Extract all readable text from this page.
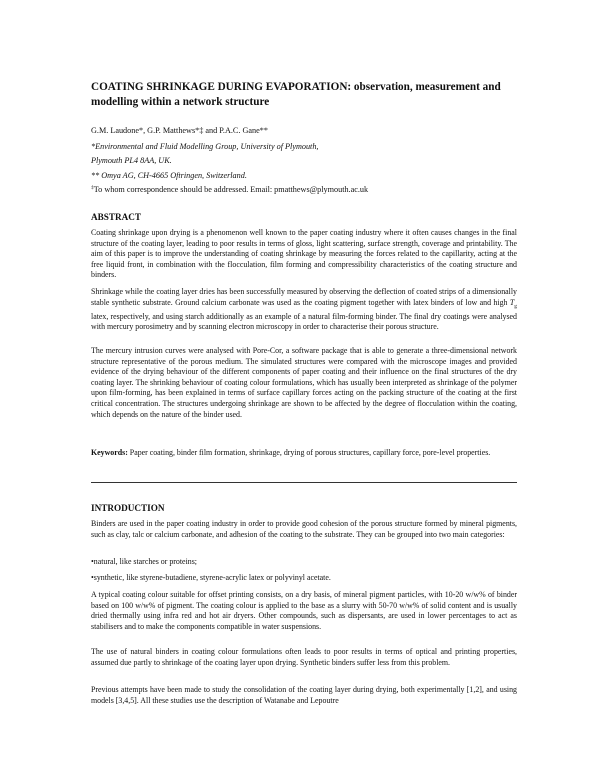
COATING SHRINKAGE DURING EVAPORATION: observation, measurement and modelling within a network structure
G.M. Laudone*, G.P. Matthews*‡ and P.A.C. Gane**
*Environmental and Fluid Modelling Group, University of Plymouth,
Plymouth PL4 8AA, UK.
** Omya AG, CH-4665 Oftringen, Switzerland.
‡To whom correspondence should be addressed. Email: pmatthews@plymouth.ac.uk
ABSTRACT

Coating shrinkage upon drying is a phenomenon well known to the paper coating industry where it often causes changes in the final structure of the coating layer, leading to poor results in terms of gloss, light scattering, surface strength, coverage and printability. The aim of this paper is to improve the understanding of coating shrinkage by measuring the forces related to the capillarity, acting at the free liquid front, in combination with the flocculation, film forming and compressibility characteristics of the coating structure and binders.

Shrinkage while the coating layer dries has been successfully measured by observing the deflection of coated strips of a dimensionally stable synthetic substrate. Ground calcium carbonate was used as the coating pigment together with latex binders of low and high $T_g$ latex, respectively, and using starch additionally as an example of a natural film-forming binder. The final dry coatings were analysed with mercury porosimetry and by scanning electron microscopy in order to characterise their porous structure.

The mercury intrusion curves were analysed with Pore-Cor, a software package that is able to generate a three-dimensional network structure representative of the porous medium. The simulated structures were compared with the microscope images and provided evidence of the drying behaviour of the different components of paper coating and their influence on the final structures of the dry coating layer. The shrinking behaviour of coating colour formulations, which has usually been interpreted as shrinkage of the polymer upon film-forming, has been explained in terms of surface capillary forces acting on the packing structure of the coating at the first critical concentration. The structures undergoing shrinkage are shown to be affected by the degree of flocculation within the coating, which depends on the nature of the binder used.

Keywords: Paper coating, binder film formation, shrinkage, drying of porous structures, capillary force, pore-level properties.

INTRODUCTION

Binders are used in the paper coating industry in order to provide good cohesion of the porous structure formed by mineral pigments, such as clay, talc or calcium carbonate, and adhesion of the coating to the substrate. They can be grouped into two main categories:

•natural, like starches or proteins;

•synthetic, like styrene-butadiene, styrene-acrylic latex or polyvinyl acetate.

A typical coating colour suitable for offset printing consists, on a dry basis, of mineral pigment particles, with 10-20 w/w% of binder based on 100 w/w% of pigment. The coating colour is applied to the base as a slurry with 50-70 w/w% of solid content and is usually dried thermally using infra red and hot air dryers. Other compounds, such as dispersants, are used in lower percentages to act as stabilisers and to make the components compatible in water suspensions.

The use of natural binders in coating colour formulations often leads to poor results in terms of optical and printing properties, assumed due partly to shrinkage of the coating layer upon drying. Synthetic binders suffer less from this problem.

Previous attempts have been made to study the consolidation of the coating layer during drying, both experimentally [1,2], and using models [3,4,5]. All these studies use the description of Watanabe and Lepoutre
